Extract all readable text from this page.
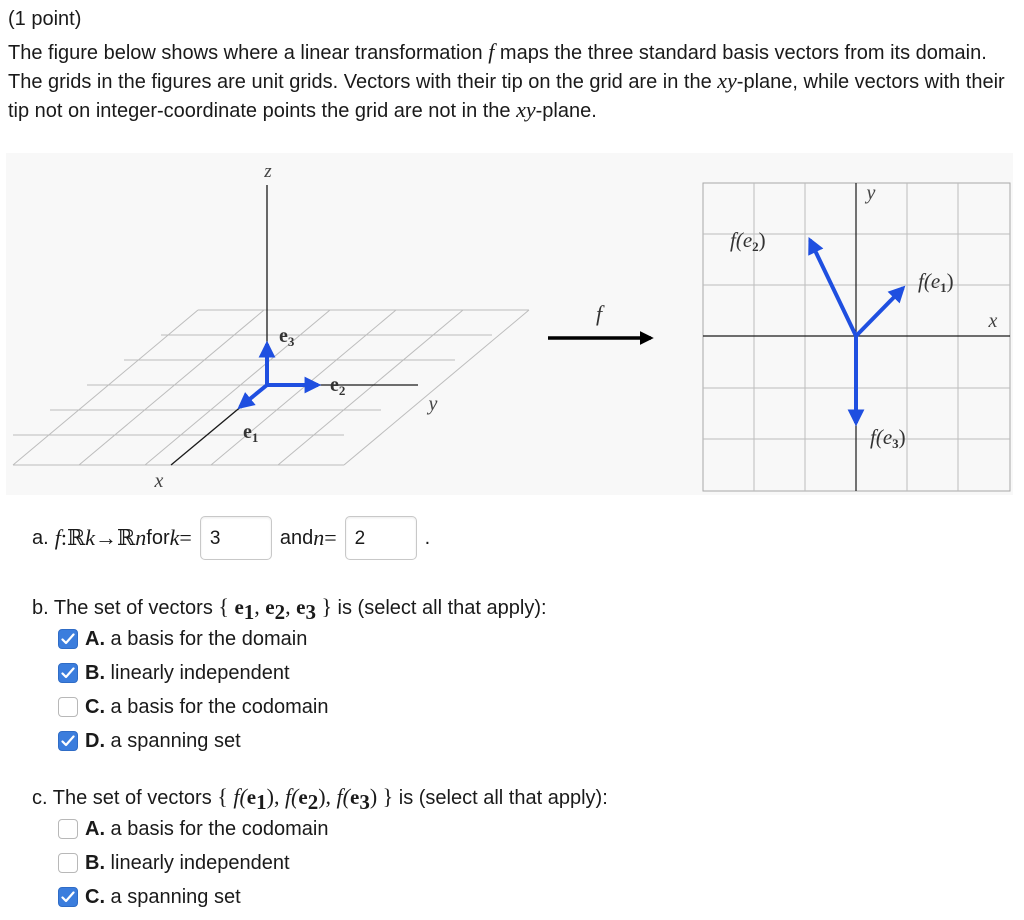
(1 point)

The figure below shows where a linear transformation f maps the three standard basis vectors from its domain. The grids in the figures are unit grids. Vectors with their tip on the grid are in the xy-plane, while vectors with their tip not on integer-coordinate points the grid are not in the xy-plane.

z
y
x
$e_3$
$e_2$
$e_1$
f
y
x
f(e2)
f(e1)
f(e3)
a. f : ℝ k → ℝ n for k = 3	and n = 2	.
b. The set of vectors { $e_1$, $e_2$, $e_3$ } is (select all that apply):
A. a basis for the domain
B. linearly independent
C. a basis for the codomain
D. a spanning set
c. The set of vectors { $f(e_1)$, $f(e_2)$, $f(e_3)$ } is (select all that apply):
A. a basis for the codomain
B. linearly independent
C. a spanning set
